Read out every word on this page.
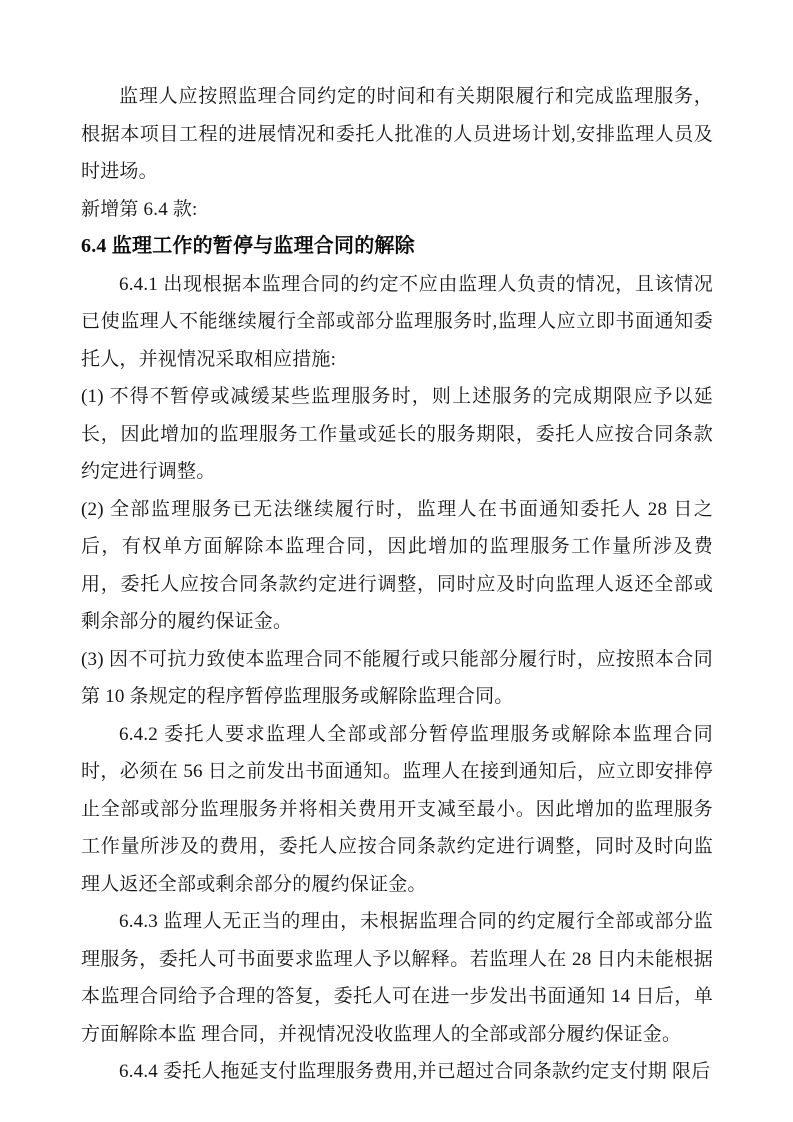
监理人应按照监理合同约定的时间和有关期限履行和完成监理服务，根据本项目工程的进展情况和委托人批准的人员进场计划,安排监理人员及时进场。

新增第 6.4 款:

6.4 监理工作的暂停与监理合同的解除

6.4.1 出现根据本监理合同的约定不应由监理人负责的情况，且该情况已使监理人不能继续履行全部或部分监理服务时,监理人应立即书面通知委托人，并视情况采取相应措施:

(1) 不得不暂停或减缓某些监理服务时，则上述服务的完成期限应予以延长，因此增加的监理服务工作量或延长的服务期限，委托人应按合同条款约定进行调整。

(2) 全部监理服务已无法继续履行时，监理人在书面通知委托人 28 日之后，有权单方面解除本监理合同，因此增加的监理服务工作量所涉及费用，委托人应按合同条款约定进行调整，同时应及时向监理人返还全部或剩余部分的履约保证金。

(3) 因不可抗力致使本监理合同不能履行或只能部分履行时，应按照本合同第 10 条规定的程序暂停监理服务或解除监理合同。

6.4.2 委托人要求监理人全部或部分暂停监理服务或解除本监理合同时，必须在 56 日之前发出书面通知。监理人在接到通知后，应立即安排停止全部或部分监理服务并将相关费用开支减至最小。因此增加的监理服务工作量所涉及的费用，委托人应按合同条款约定进行调整，同时及时向监理人返还全部或剩余部分的履约保证金。

6.4.3 监理人无正当的理由，未根据监理合同的约定履行全部或部分监理服务，委托人可书面要求监理人予以解释。若监理人在 28 日内未能根据本监理合同给予合理的答复，委托人可在进一步发出书面通知 14 日后，单方面解除本监 理合同，并视情况没收监理人的全部或部分履约保证金。

6.4.4 委托人拖延支付监理服务费用,并已超过合同条款约定支付期 限后
